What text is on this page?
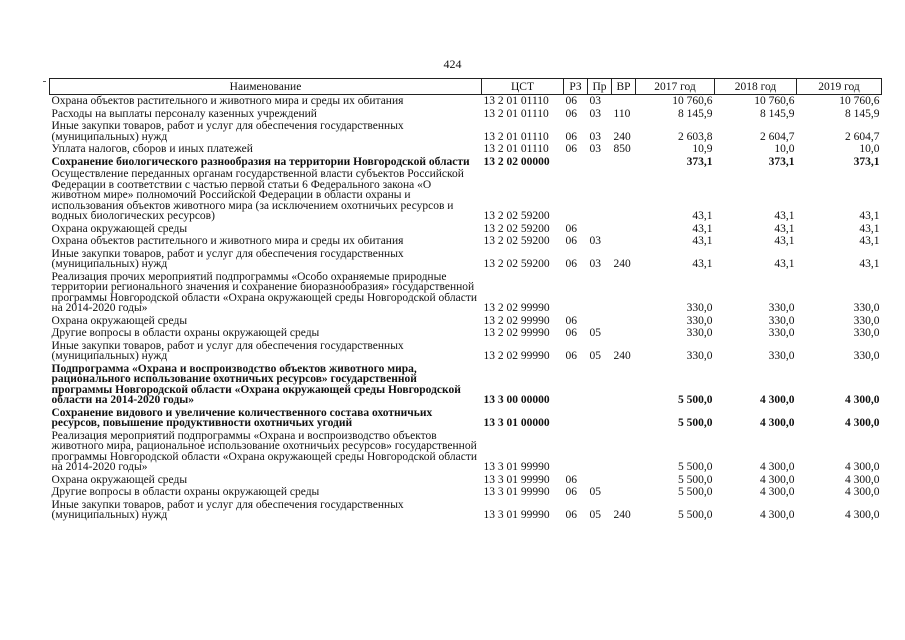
424
Наименование	ЦСТ	РЗ	Пр	ВР	2017 год	2018 год	2019 год
Охрана объектов растительного и животного мира и среды их обитания	13 2 01 01110	06	03		10 760,6	10 760,6	10 760,6
Расходы на выплаты персоналу казенных учреждений	13 2 01 01110	06	03	110	8 145,9	8 145,9	8 145,9
Иные закупки товаров, работ и услуг для обеспечения государственных (муниципальных) нужд	13 2 01 01110	06	03	240	2 603,8	2 604,7	2 604,7
Уплата налогов, сборов и иных платежей	13 2 01 01110	06	03	850	10,9	10,0	10,0
Сохранение биологического разнообразия на территории Новгородской области	13 2 02 00000				373,1	373,1	373,1
Осуществление переданных органам государственной власти субъектов Российской Федерации в соответствии с частью первой статьи 6 Федерального закона «О животном мире» полномочий Российской Федерации в области охраны и использования объектов животного мира (за исключением охотничьих ресурсов и водных биологических ресурсов)	13 2 02 59200				43,1	43,1	43,1
Охрана окружающей среды	13 2 02 59200	06			43,1	43,1	43,1
Охрана объектов растительного и животного мира и среды их обитания	13 2 02 59200	06	03		43,1	43,1	43,1
Иные закупки товаров, работ и услуг для обеспечения государственных (муниципальных) нужд	13 2 02 59200	06	03	240	43,1	43,1	43,1
Реализация прочих мероприятий подпрограммы «Особо охраняемые природные территории регионального значения и сохранение биоразнообразия» государственной программы Новгородской области «Охрана окружающей среды Новгородской области на 2014-2020 годы»	13 2 02 99990				330,0	330,0	330,0
Охрана окружающей среды	13 2 02 99990	06			330,0	330,0	330,0
Другие вопросы в области охраны окружающей среды	13 2 02 99990	06	05		330,0	330,0	330,0
Иные закупки товаров, работ и услуг для обеспечения государственных (муниципальных) нужд	13 2 02 99990	06	05	240	330,0	330,0	330,0
Подпрограмма «Охрана и воспроизводство объектов животного мира, рационального использование охотничьих ресурсов» государственной программы Новгородской области «Охрана окружающей среды Новгородской области на 2014-2020 годы»	13 3 00 00000				5 500,0	4 300,0	4 300,0
Сохранение видового и увеличение количественного состава охотничьих ресурсов, повышение продуктивности охотничьих угодий	13 3 01 00000				5 500,0	4 300,0	4 300,0
Реализация мероприятий подпрограммы «Охрана и воспроизводство объектов животного мира, рациональное использование охотничьих ресурсов» государственной программы Новгородской области «Охрана окружающей среды Новгородской области на 2014-2020 годы»	13 3 01 99990				5 500,0	4 300,0	4 300,0
Охрана окружающей среды	13 3 01 99990	06			5 500,0	4 300,0	4 300,0
Другие вопросы в области охраны окружающей среды	13 3 01 99990	06	05		5 500,0	4 300,0	4 300,0
Иные закупки товаров, работ и услуг для обеспечения государственных (муниципальных) нужд	13 3 01 99990	06	05	240	5 500,0	4 300,0	4 300,0
